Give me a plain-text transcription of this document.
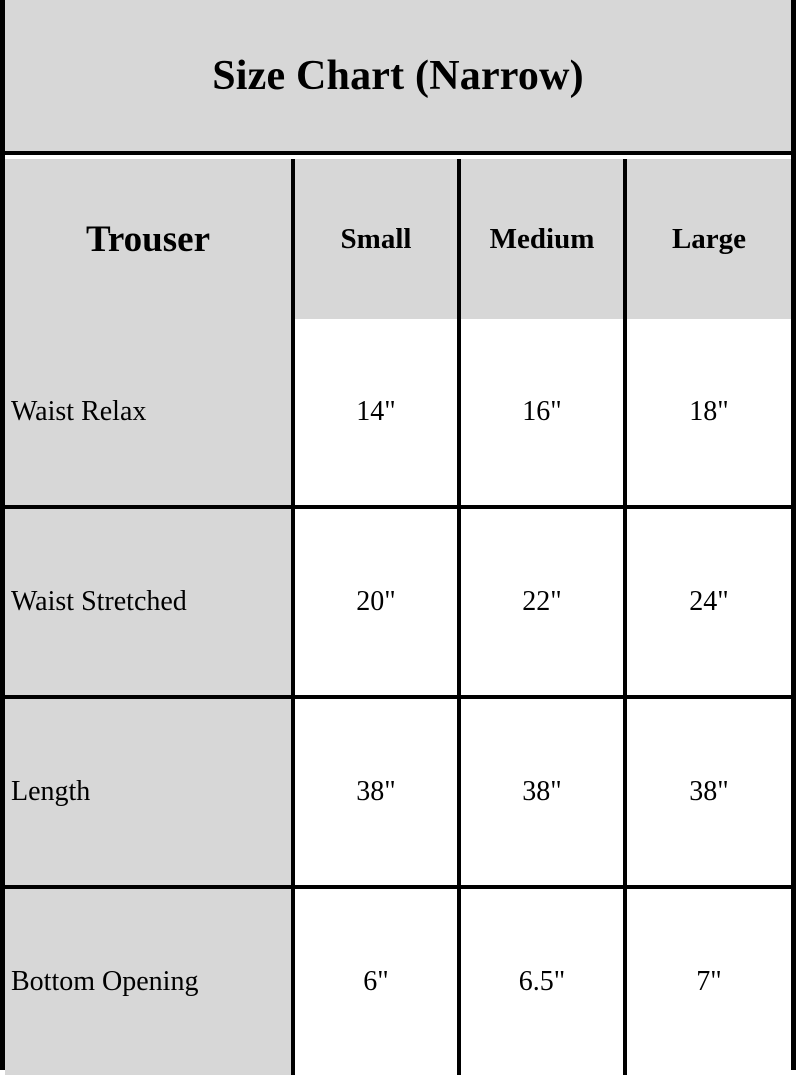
Size Chart (Narrow)
Trouser	Small	Medium	Large
Waist Relax	14"	16"	18"
Waist Stretched	20"	22"	24"
Length	38"	38"	38"
Bottom Opening	6"	6.5"	7"
